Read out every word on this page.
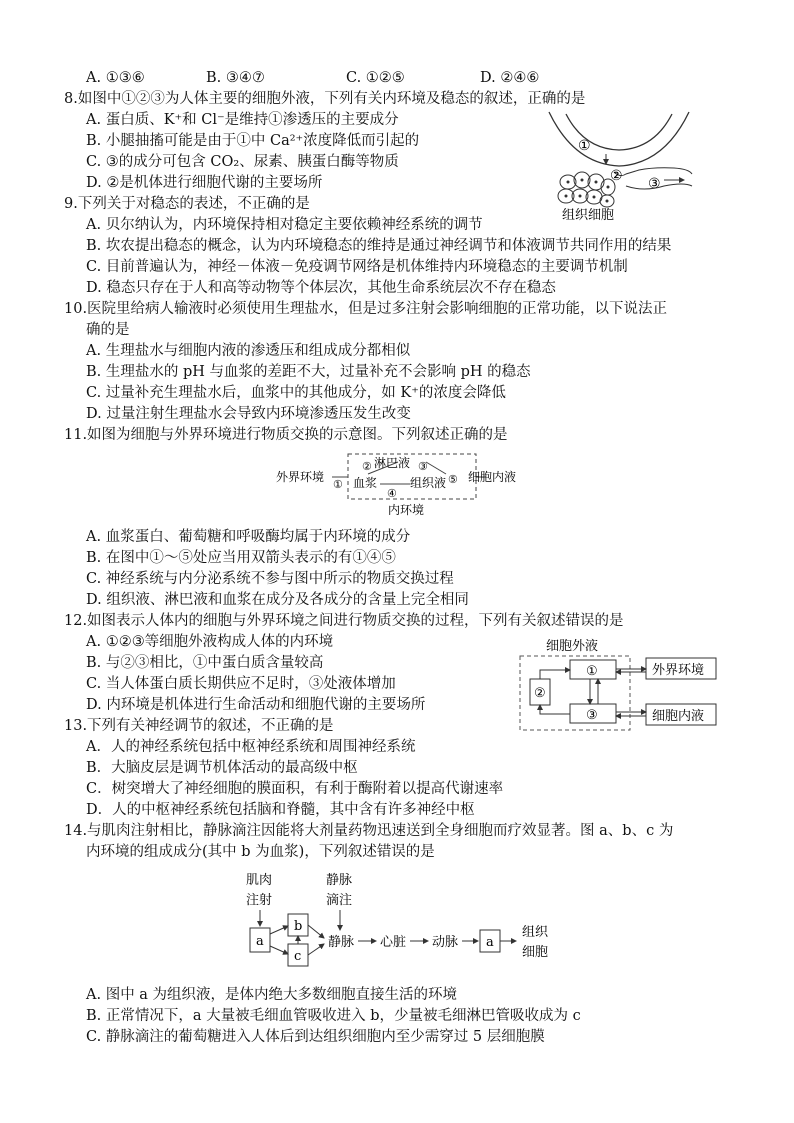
A. ①③⑥	B. ③④⑦	C. ①②⑤	D. ②④⑥
8.如图中①②③为人体主要的细胞外液，下列有关内环境及稳态的叙述，正确的是
A. 蛋白质、K⁺和 Cl⁻是维持①渗透压的主要成分
B. 小腿抽搐可能是由于①中 Ca²⁺浓度降低而引起的
C. ③的成分可包含 CO₂、尿素、胰蛋白酶等物质
D. ②是机体进行细胞代谢的主要场所
①
② ③
组织细胞
9.下列关于对稳态的表述，不正确的是
A. 贝尔纳认为，内环境保持相对稳定主要依赖神经系统的调节
B. 坎农提出稳态的概念，认为内环境稳态的维持是通过神经调节和体液调节共同作用的结果
C. 目前普遍认为，神经－体液－免疫调节网络是机体维持内环境稳态的主要调节机制
D. 稳态只存在于人和高等动物等个体层次，其他生命系统层次不存在稳态
10.医院里给病人输液时必须使用生理盐水，但是过多注射会影响细胞的正常功能，以下说法正
确的是
A. 生理盐水与细胞内液的渗透压和组成成分都相似
B. 生理盐水的 pH 与血浆的差距不大，过量补充不会影响 pH 的稳态
C. 过量补充生理盐水后，血浆中的其他成分，如 K⁺的浓度会降低
D. 过量注射生理盐水会导致内环境渗透压发生改变
11.如图为细胞与外界环境进行物质交换的示意图。下列叙述正确的是
外界环境
①
② 淋巴液 ③
血浆
④
组织液 ⑤ 细胞内液
内环境
A. 血浆蛋白、葡萄糖和呼吸酶均属于内环境的成分
B. 在图中①～⑤处应当用双箭头表示的有①④⑤
C. 神经系统与内分泌系统不参与图中所示的物质交换过程
D. 组织液、淋巴液和血浆在成分及各成分的含量上完全相同
12.如图表示人体内的细胞与外界环境之间进行物质交换的过程，下列有关叙述错误的是
A. ①②③等细胞外液构成人体的内环境
B. 与②③相比，①中蛋白质含量较高
C. 当人体蛋白质长期供应不足时，③处液体增加
D. 内环境是机体进行生命活动和细胞代谢的主要场所
细胞外液
①
②
③
外界环境
细胞内液
13.下列有关神经调节的叙述，不正确的是
A．人的神经系统包括中枢神经系统和周围神经系统
B．大脑皮层是调节机体活动的最高级中枢
C．树突增大了神经细胞的膜面积，有利于酶附着以提高代谢速率
D．人的中枢神经系统包括脑和脊髓，其中含有许多神经中枢
14.与肌肉注射相比，静脉滴注因能将大剂量药物迅速送到全身细胞而疗效显著。图 a、b、c 为
内环境的组成成分(其中 b 为血浆)，下列叙述错误的是
肌肉
注射
静脉
滴注
a
b
c
静脉 心脏 动脉 a
组织
细胞
A. 图中 a 为组织液，是体内绝大多数细胞直接生活的环境
B. 正常情况下，a 大量被毛细血管吸收进入 b，少量被毛细淋巴管吸收成为 c
C. 静脉滴注的葡萄糖进入人体后到达组织细胞内至少需穿过 5 层细胞膜
